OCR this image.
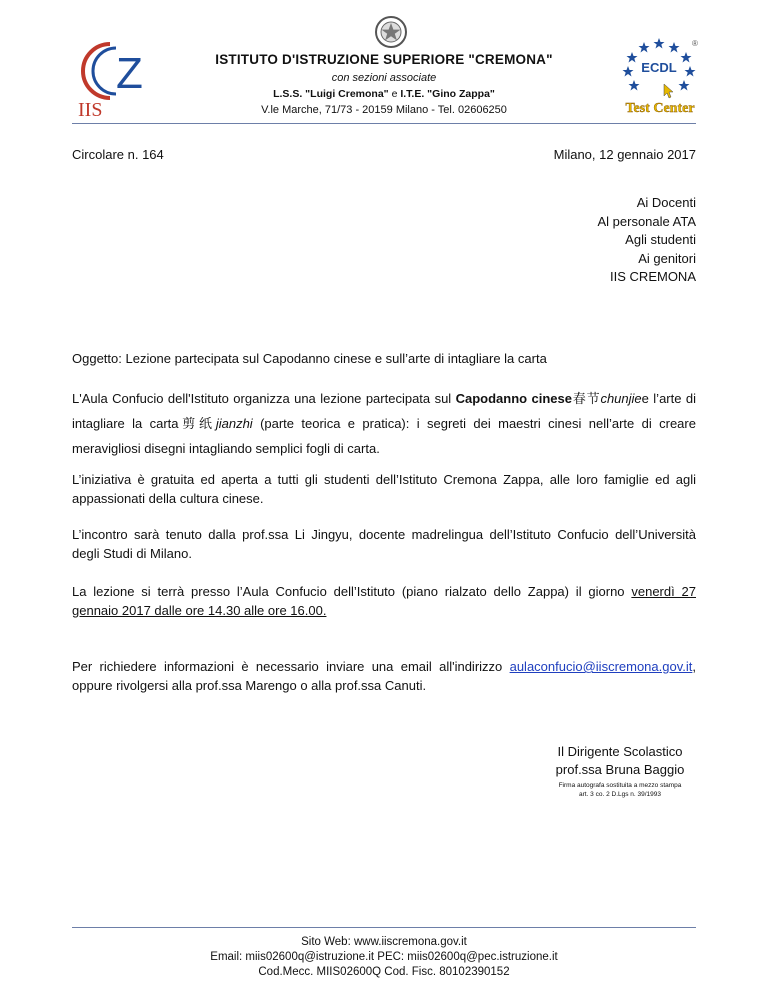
Z
IIS
ISTITUTO D'ISTRUZIONE SUPERIORE "CREMONA"
con sezioni associate
L.S.S. "Luigi Cremona" e I.T.E. "Gino Zappa"
V.le Marche, 71/73 - 20159 Milano - Tel. 02606250
ECDL
®
Test Center
Circolare n. 164	Milano, 12 gennaio 2017
Ai Docenti
Al personale ATA
Agli studenti
Ai genitori
IIS CREMONA
Oggetto: Lezione partecipata sul Capodanno cinese e sull’arte di intagliare la carta
L'Aula Confucio dell'Istituto organizza una lezione partecipata sul Capodanno cinese春节chunjiee l’arte di intagliare la carta剪纸jianzhi (parte teorica e pratica): i segreti dei maestri cinesi nell’arte di creare meravigliosi disegni intagliando semplici fogli di carta.
L’iniziativa è gratuita ed aperta a tutti gli studenti dell’Istituto Cremona Zappa, alle loro famiglie ed agli appassionati della cultura cinese.
L’incontro sarà tenuto dalla prof.ssa Li Jingyu, docente madrelingua dell’Istituto Confucio dell’Università degli Studi di Milano.
La lezione si terrà presso l’Aula Confucio dell’Istituto (piano rialzato dello Zappa) il giorno venerdì 27 gennaio 2017 dalle ore 14.30 alle ore 16.00.
Per richiedere informazioni è necessario inviare una email all'indirizzo aulaconfucio@iiscremona.gov.it, oppure rivolgersi alla prof.ssa Marengo o alla prof.ssa Canuti.
Il Dirigente Scolastico
prof.ssa Bruna Baggio
Firma autografa sostituita a mezzo stampa
art. 3 co. 2 D.Lgs n. 39/1993
Sito Web: www.iiscremona.gov.it
Email: miis02600q@istruzione.it PEC: miis02600q@pec.istruzione.it
Cod.Mecc. MIIS02600Q Cod. Fisc. 80102390152
